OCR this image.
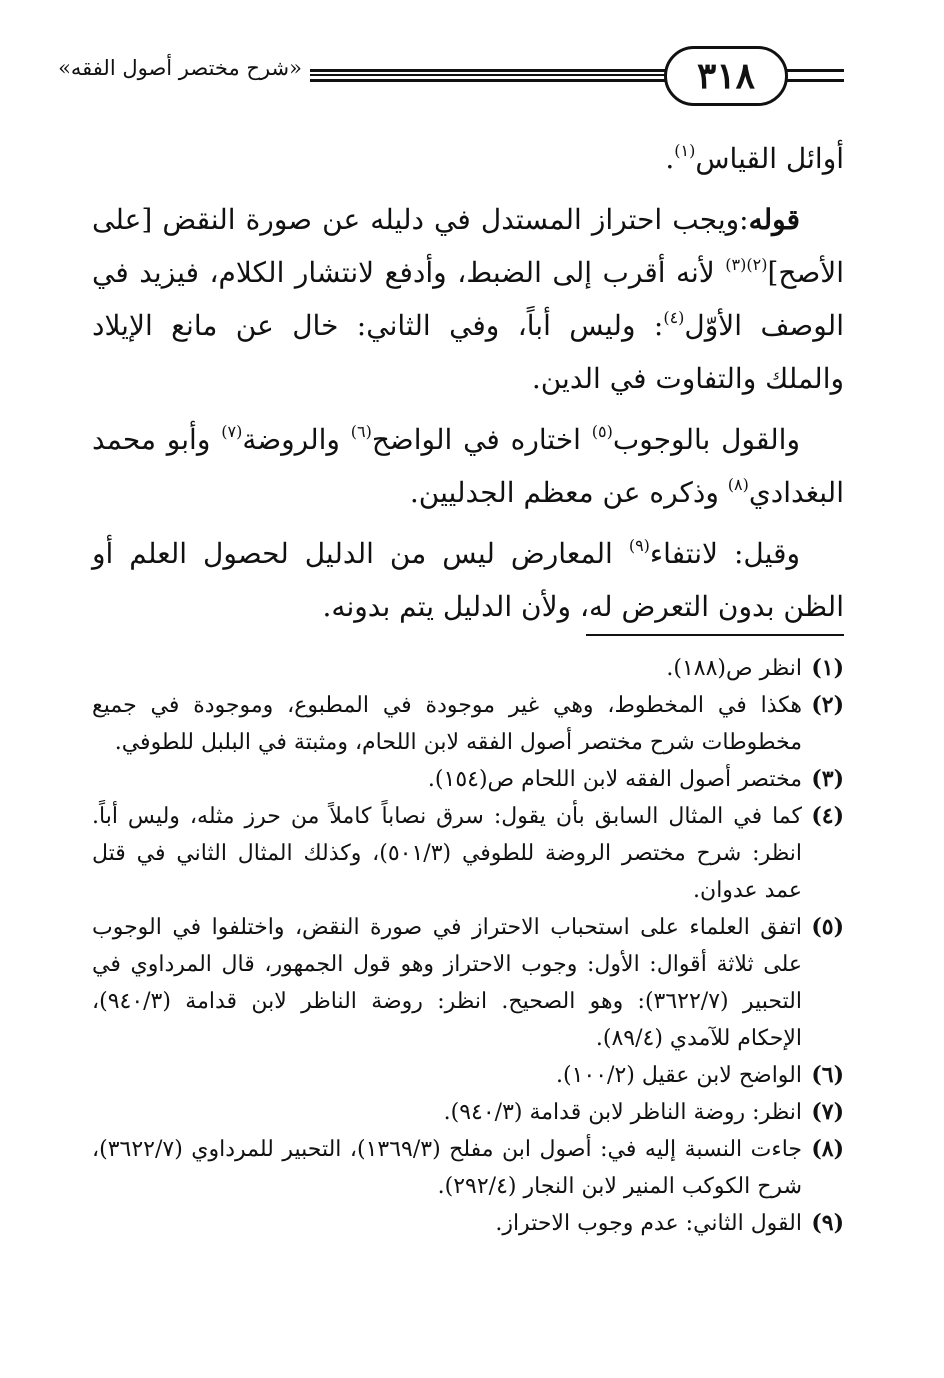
٣١٨
«شرح مختصر أصول الفقه»

أوائل القياس$^{(١)}$.

قوله:ويجب احتراز المستدل في دليله عن صورة النقض [على الأصح]$^{(٢)(٣)}$ لأنه أقرب إلى الضبط، وأدفع لانتشار الكلام، فيزيد في الوصف الأوّل$^{(٤)}$: وليس أباً، وفي الثاني: خال عن مانع الإيلاد والملك والتفاوت في الدين.

والقول بالوجوب$^{(٥)}$ اختاره في الواضح$^{(٦)}$ والروضة$^{(٧)}$ وأبو محمد البغدادي$^{(٨)}$ وذكره عن معظم الجدليين.

وقيل: لانتفاء$^{(٩)}$ المعارض ليس من الدليل لحصول العلم أو الظن بدون التعرض له، ولأن الدليل يتم بدونه.

(١)
انظر ص(١٨٨).
(٢)
هكذا في المخطوط، وهي غير موجودة في المطبوع، وموجودة في جميع مخطوطات شرح مختصر أصول الفقه لابن اللحام، ومثبتة في البلبل للطوفي.
(٣)
مختصر أصول الفقه لابن اللحام ص(١٥٤).
(٤)
كما في المثال السابق بأن يقول: سرق نصاباً كاملاً من حرز مثله، وليس أباً. انظر: شرح مختصر الروضة للطوفي (٥٠١/٣)، وكذلك المثال الثاني في قتل عمد عدوان.
(٥)
اتفق العلماء على استحباب الاحتراز في صورة النقض، واختلفوا في الوجوب على ثلاثة أقوال: الأول: وجوب الاحتراز وهو قول الجمهور، قال المرداوي في التحبير (٣٦٢٢/٧): وهو الصحيح. انظر: روضة الناظر لابن قدامة (٩٤٠/٣)، الإحكام للآمدي (٨٩/٤).
(٦)
الواضح لابن عقيل (١٠٠/٢).
(٧)
انظر: روضة الناظر لابن قدامة (٩٤٠/٣).
(٨)
جاءت النسبة إليه في: أصول ابن مفلح (١٣٦٩/٣)، التحبير للمرداوي (٣٦٢٢/٧)، شرح الكوكب المنير لابن النجار (٢٩٢/٤).
(٩)
القول الثاني: عدم وجوب الاحتراز.
